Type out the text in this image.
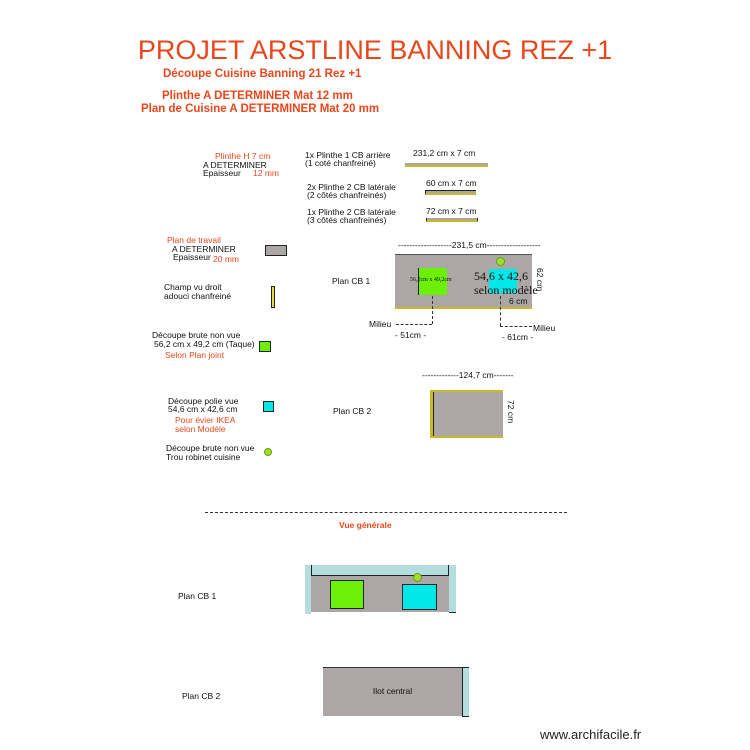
PROJET ARSTLINE BANNING REZ +1
Découpe Cuisine Banning 21 Rez +1
Plinthe A DETERMINER Mat 12 mm
Plan de Cuisine A DETERMINER Mat 20 mm
Plinthe H 7 cm
A DETERMINER
Epaisseur 12 mm
Plan de travail
A DETERMINER
Epaisseur 20 mm
Champ vu droit
adouci chanfreiné
Découpe brute non vue
56,2 cm x 49,2 cm (Taque)
Selon Plan joint
Découpe polie vue
54,6 cm x 42,6 cm
Pour évier IKEA
selon Modèle
Découpe brute non vue
Trou robinet cuisine
1x Plinthe 1 CB arrière
(1 coté chanfreiné)
231,2 cm x 7 cm
2x Plinthe 2 CB latérale
(2 côtés chanfreinés)
60 cm x 7 cm
1x Plinthe 2 CB latérale
(3 côtés chanfreinés)
72 cm x 7 cm
Plan CB 1
-------------------231,5 cm-------------------
62 cm
56,2cm x 49,2cm 54,6 x 42,6
selon modèle
6 cm
Milieu
- 51cm -
Milieu
- 61cm -
Plan CB 2
-------------124,7 cm-------
72 cm
Vue générale
Plan CB 1
Plan CB 2	Ilot central
www.archifacile.fr
